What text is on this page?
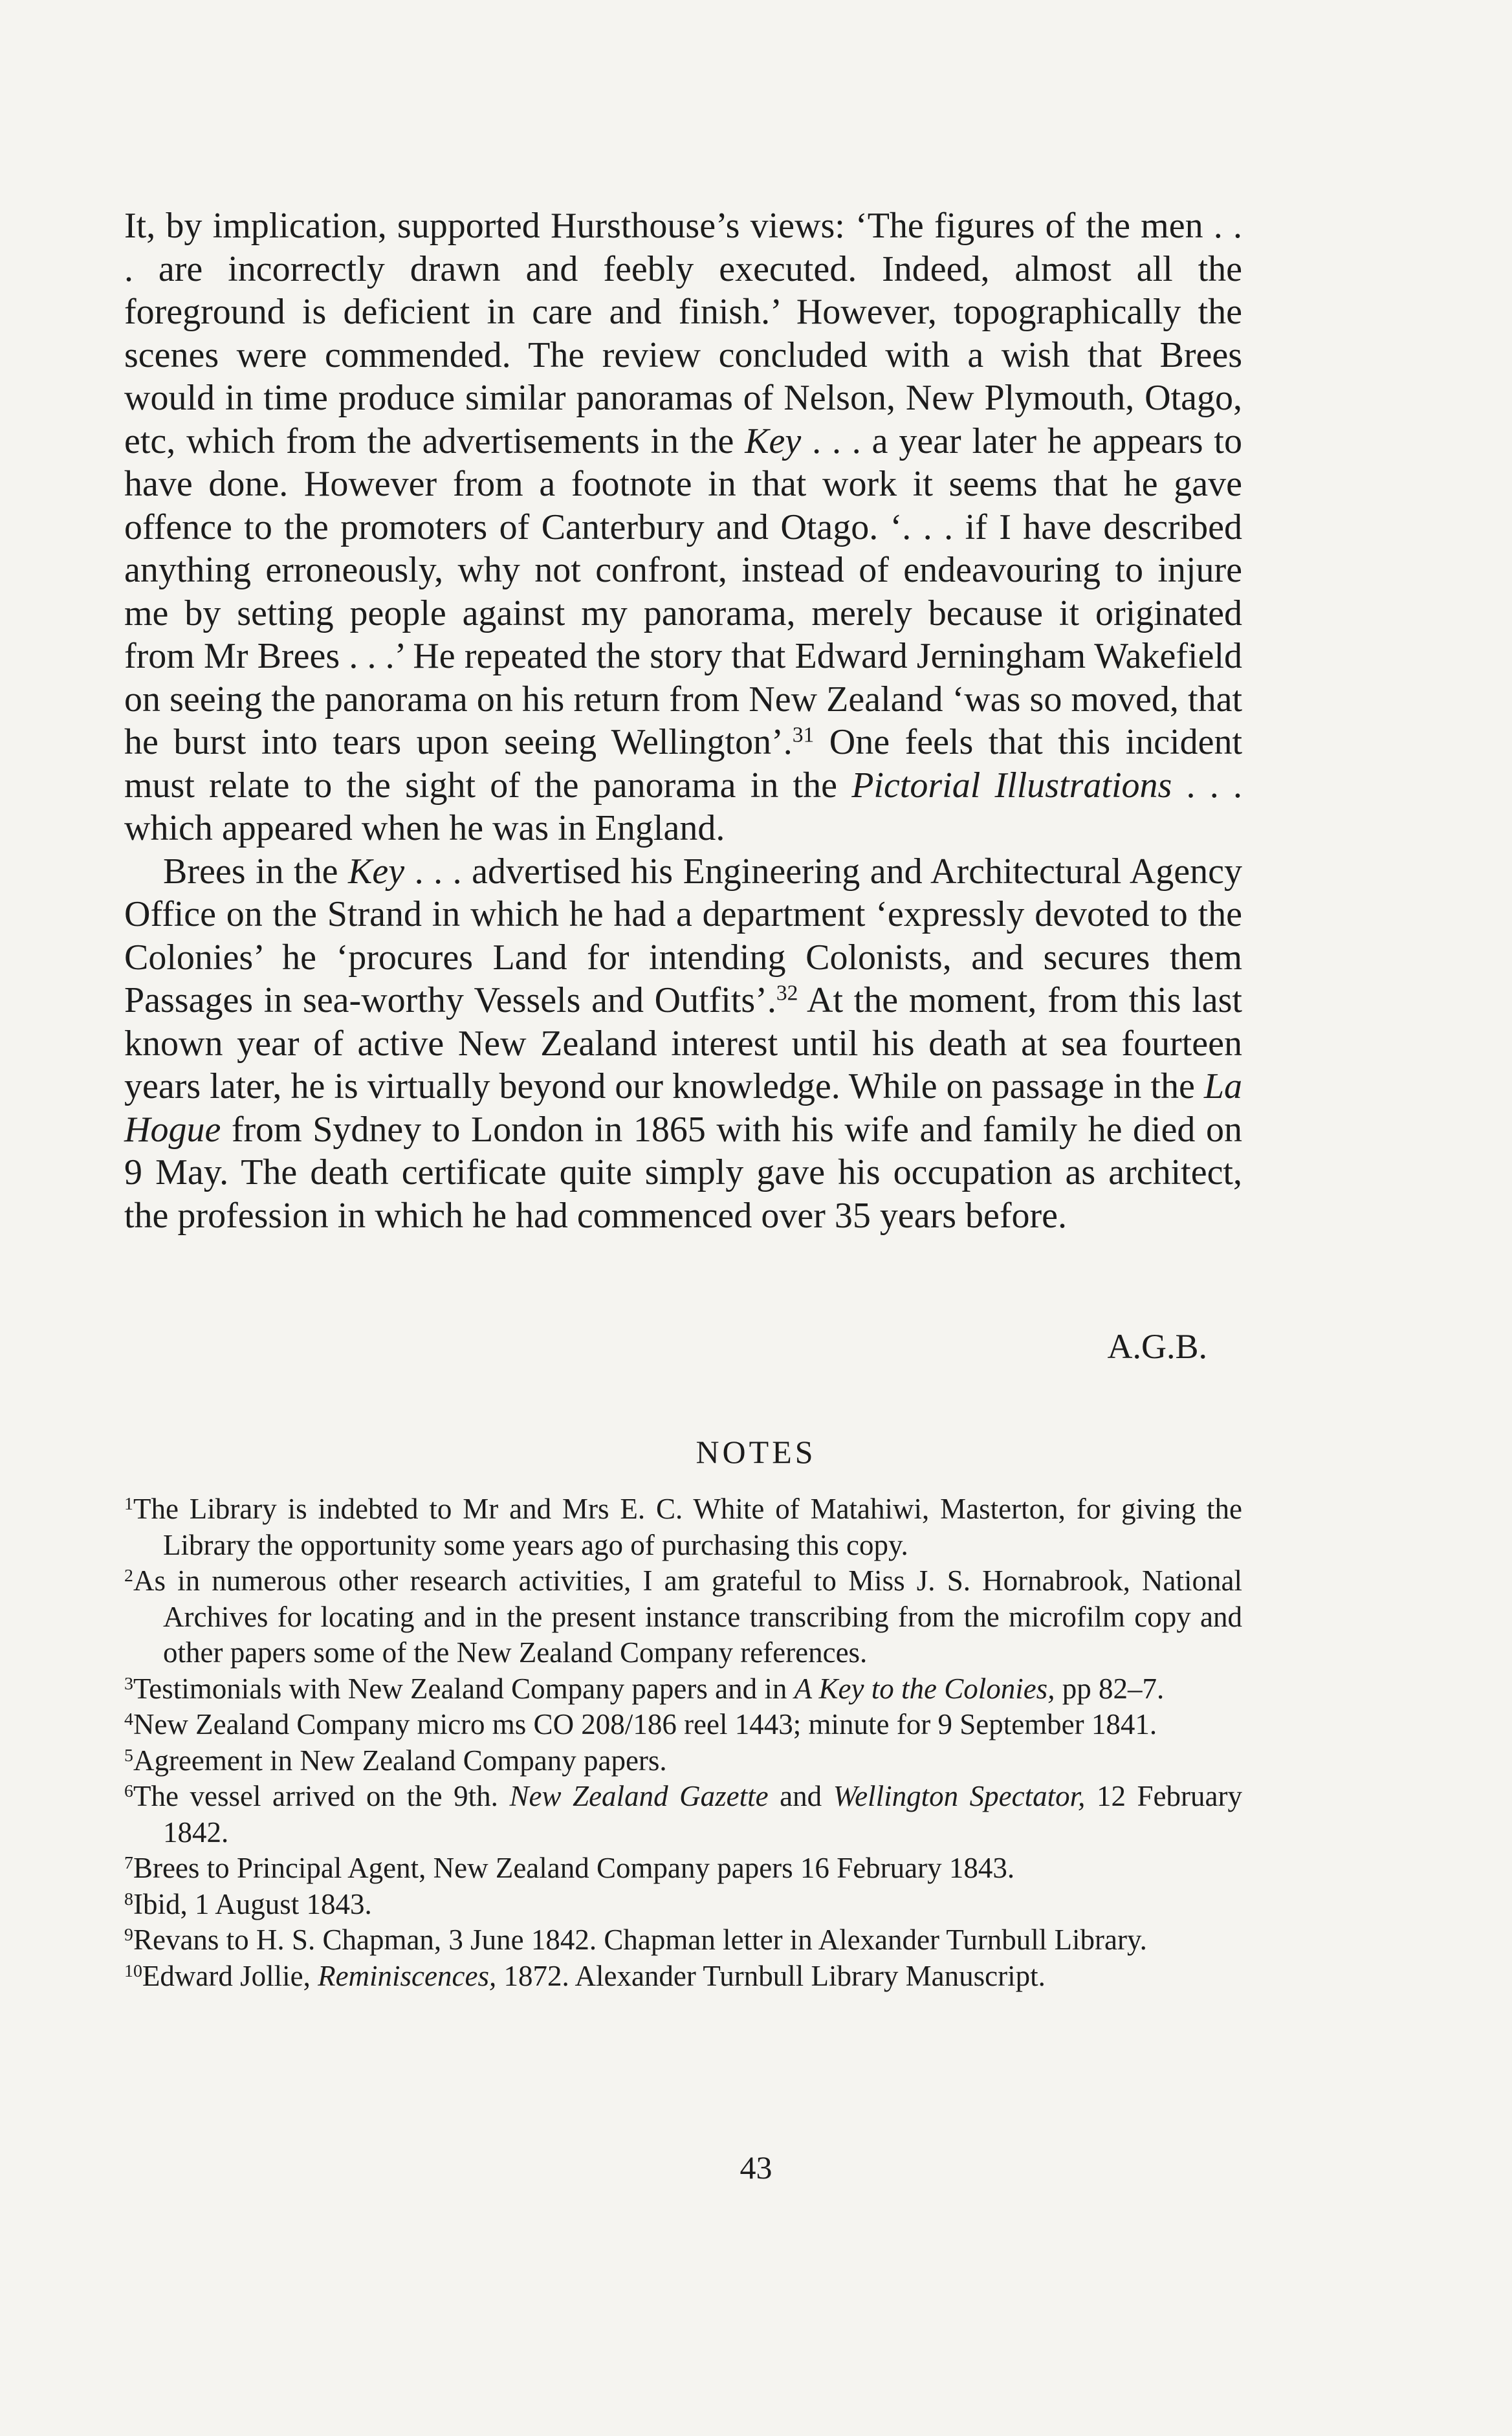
It, by implication, supported Hursthouse’s views: ‘The figures of the men . . . are incorrectly drawn and feebly executed. Indeed, almost all the foreground is deficient in care and finish.’ However, topographically the scenes were commended. The review concluded with a wish that Brees would in time produce similar panoramas of Nelson, New Plymouth, Otago, etc, which from the advertisements in the Key . . . a year later he appears to have done. However from a footnote in that work it seems that he gave offence to the promoters of Canterbury and Otago. ‘. . . if I have described anything erroneously, why not confront, instead of endeavouring to injure me by setting people against my panorama, merely because it originated from Mr Brees . . .’ He repeated the story that Edward Jerningham Wakefield on seeing the panorama on his return from New Zealand ‘was so moved, that he burst into tears upon seeing Wellington’.$^{31}$ One feels that this incident must relate to the sight of the panorama in the Pictorial Illustrations . . . which appeared when he was in England.

Brees in the Key . . . advertised his Engineering and Architectural Agency Office on the Strand in which he had a department ‘expressly devoted to the Colonies’ he ‘procures Land for intending Colonists, and secures them Passages in sea-worthy Vessels and Outfits’.$^{32}$ At the moment, from this last known year of active New Zealand interest until his death at sea fourteen years later, he is virtually beyond our knowledge. While on passage in the La Hogue from Sydney to London in 1865 with his wife and family he died on 9 May. The death certificate quite simply gave his occupation as architect, the profession in which he had commenced over 35 years before.

A.G.B.
NOTES

$^1$The Library is indebted to Mr and Mrs E. C. White of Matahiwi, Masterton, for giving the Library the opportunity some years ago of purchasing this copy.

$^2$As in numerous other research activities, I am grateful to Miss J. S. Hornabrook, National Archives for locating and in the present instance transcribing from the microfilm copy and other papers some of the New Zealand Company references.

$^3$Testimonials with New Zealand Company papers and in A Key to the Colonies, pp 82–7.

$^4$New Zealand Company micro ms CO 208/186 reel 1443; minute for 9 September 1841.

$^5$Agreement in New Zealand Company papers.

$^6$The vessel arrived on the 9th. New Zealand Gazette and Wellington Spectator, 12 February 1842.

$^7$Brees to Principal Agent, New Zealand Company papers 16 February 1843.

$^8$Ibid, 1 August 1843.

$^9$Revans to H. S. Chapman, 3 June 1842. Chapman letter in Alexander Turnbull Library.

$^{10}$Edward Jollie, Reminiscences, 1872. Alexander Turnbull Library Manuscript.

43
